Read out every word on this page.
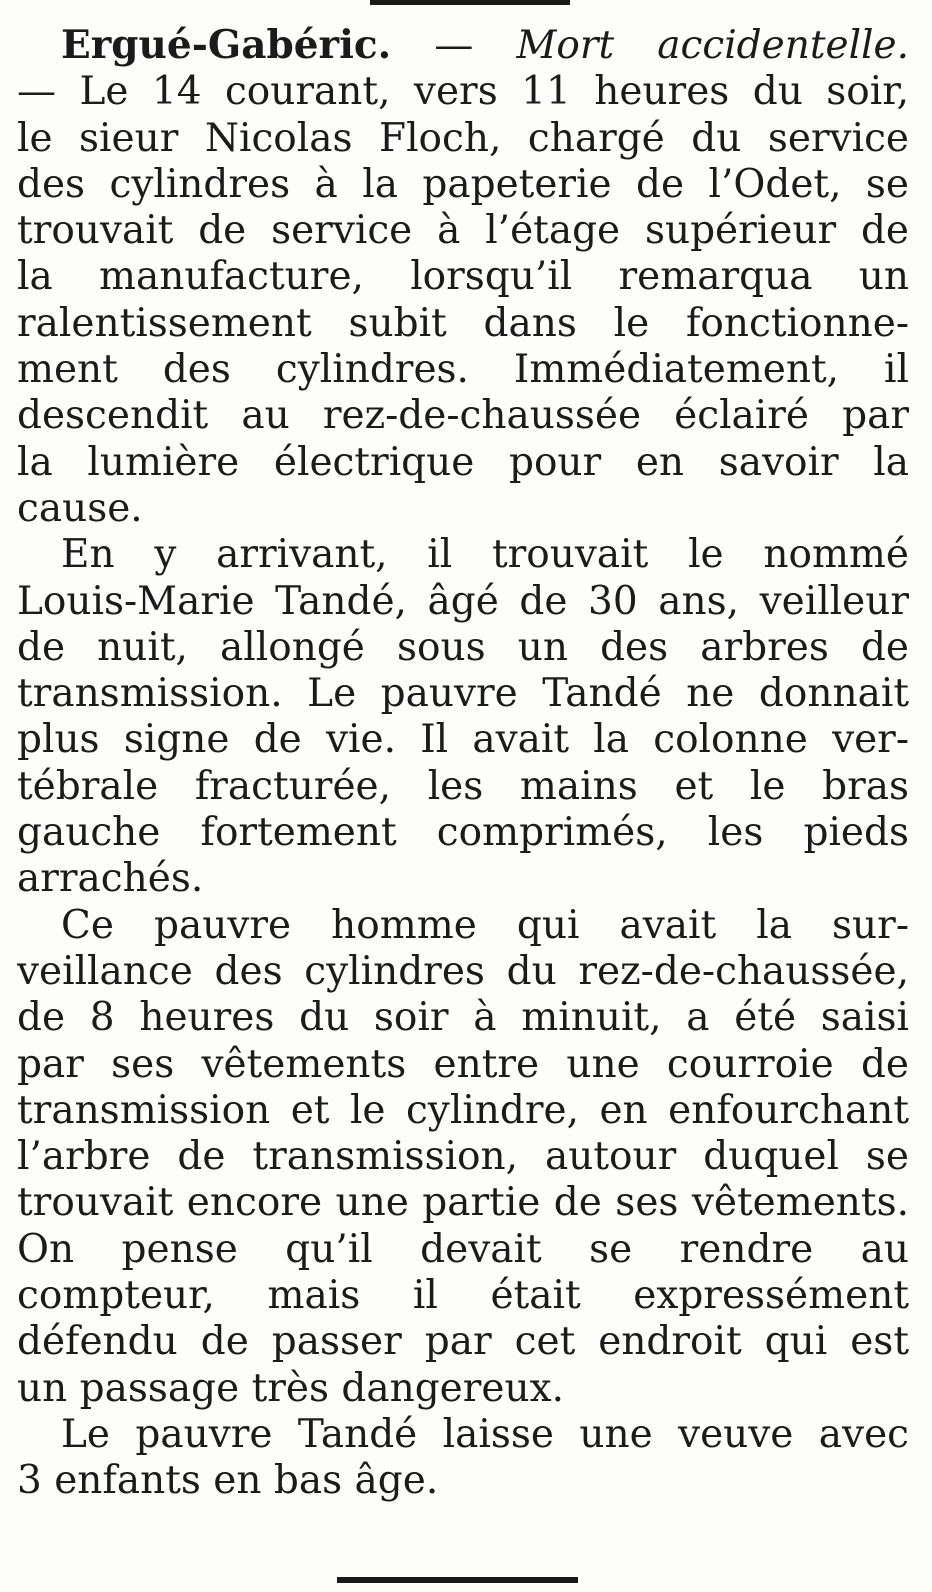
Ergué-Gabéric. — Mort accidentelle.
— Le 14 courant, vers 11 heures du soir,
le sieur Nicolas Floch, chargé du service
des cylindres à la papeterie de l’Odet, se
trouvait de service à l’étage supérieur de
la manufacture, lorsqu’il remarqua un
ralentissement subit dans le fonctionne-
ment des cylindres. Immédiatement, il
descendit au rez-de-chaussée éclairé par
la lumière électrique pour en savoir la
cause.
En y arrivant, il trouvait le nommé
Louis-Marie Tandé, âgé de 30 ans, veilleur
de nuit, allongé sous un des arbres de
transmission. Le pauvre Tandé ne donnait
plus signe de vie. Il avait la colonne ver-
tébrale fracturée, les mains et le bras
gauche fortement comprimés, les pieds
arrachés.
Ce pauvre homme qui avait la sur-
veillance des cylindres du rez-de-chaussée,
de 8 heures du soir à minuit, a été saisi
par ses vêtements entre une courroie de
transmission et le cylindre, en enfourchant
l’arbre de transmission, autour duquel se
trouvait encore une partie de ses vêtements.
On pense qu’il devait se rendre au
compteur, mais il était expressément
défendu de passer par cet endroit qui est
un passage très dangereux.
Le pauvre Tandé laisse une veuve avec
3 enfants en bas âge.
